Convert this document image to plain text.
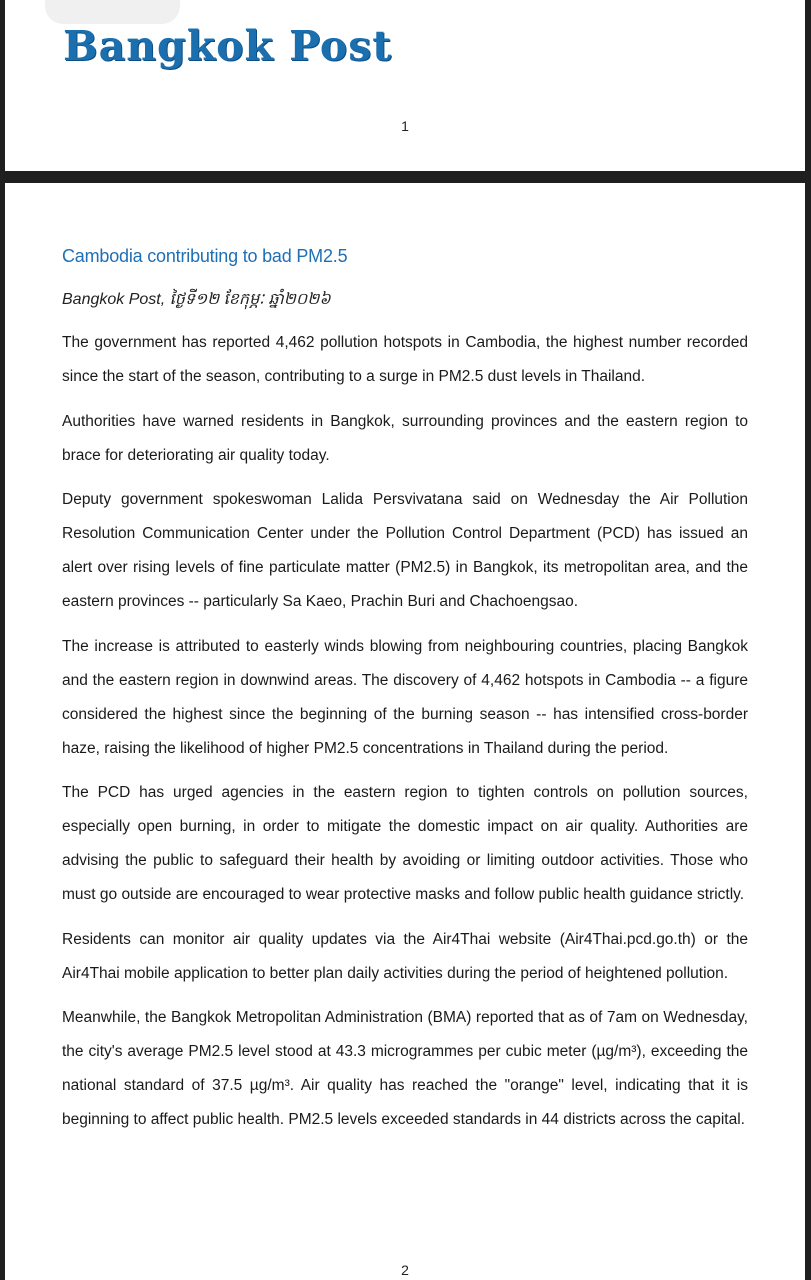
Bangkok Post
1
Cambodia contributing to bad PM2.5
Bangkok Post, ថ្ងៃទី១២ ខែកុម្ភៈ ឆ្នាំ២០២៦

The government has reported 4,462 pollution hotspots in Cambodia, the highest number recorded since the start of the season, contributing to a surge in PM2.5 dust levels in Thailand.

Authorities have warned residents in Bangkok, surrounding provinces and the eastern region to brace for deteriorating air quality today.

Deputy government spokeswoman Lalida Persvivatana said on Wednesday the Air Pollution Resolution Communication Center under the Pollution Control Department (PCD) has issued an alert over rising levels of fine particulate matter (PM2.5) in Bangkok, its metropolitan area, and the eastern provinces -- particularly Sa Kaeo, Prachin Buri and Chachoengsao.

The increase is attributed to easterly winds blowing from neighbouring countries, placing Bangkok and the eastern region in downwind areas. The discovery of 4,462 hotspots in Cambodia -- a figure considered the highest since the beginning of the burning season -- has intensified cross-border haze, raising the likelihood of higher PM2.5 concentrations in Thailand during the period.

The PCD has urged agencies in the eastern region to tighten controls on pollution sources, especially open burning, in order to mitigate the domestic impact on air quality. Authorities are advising the public to safeguard their health by avoiding or limiting outdoor activities. Those who must go outside are encouraged to wear protective masks and follow public health guidance strictly.

Residents can monitor air quality updates via the Air4Thai website (Air4Thai.pcd.go.th) or the Air4Thai mobile application to better plan daily activities during the period of heightened pollution.

Meanwhile, the Bangkok Metropolitan Administration (BMA) reported that as of 7am on Wednesday, the city's average PM2.5 level stood at 43.3 microgrammes per cubic meter (µg/m³), exceeding the national standard of 37.5 µg/m³. Air quality has reached the "orange" level, indicating that it is beginning to affect public health. PM2.5 levels exceeded standards in 44 districts across the capital.

2
